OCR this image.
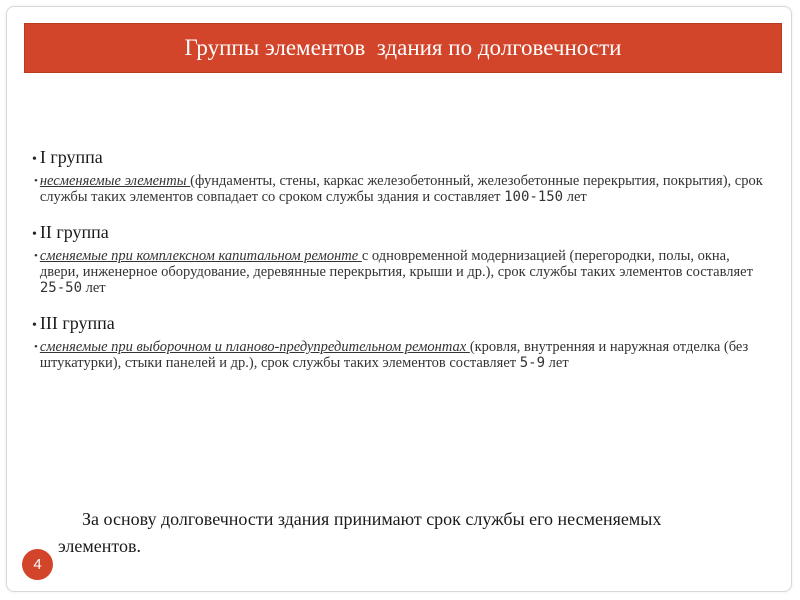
Группы элементов  здания по долговечности
• I группа
• несменяемые элементы (фундаменты, стены, каркас железобетонный, железобетонные перекрытия, покрытия), срок службы таких элементов совпадает со сроком службы здания и составляет 100-150 лет
• II группа
• сменяемые при комплексном капитальном ремонте с одновременной модернизацией (перегородки, полы, окна, двери, инженерное оборудование, деревянные перекрытия, крыши и др.), срок службы таких элементов составляет 25-50 лет
• III группа
• сменяемые при выборочном и планово-предупредительном ремонтах (кровля, внутренняя и наружная отделка (без штукатурки), стыки панелей и др.), срок службы таких элементов составляет 5-9 лет
За основу долговечности здания принимают срок службы его несменяемых элементов.
4
